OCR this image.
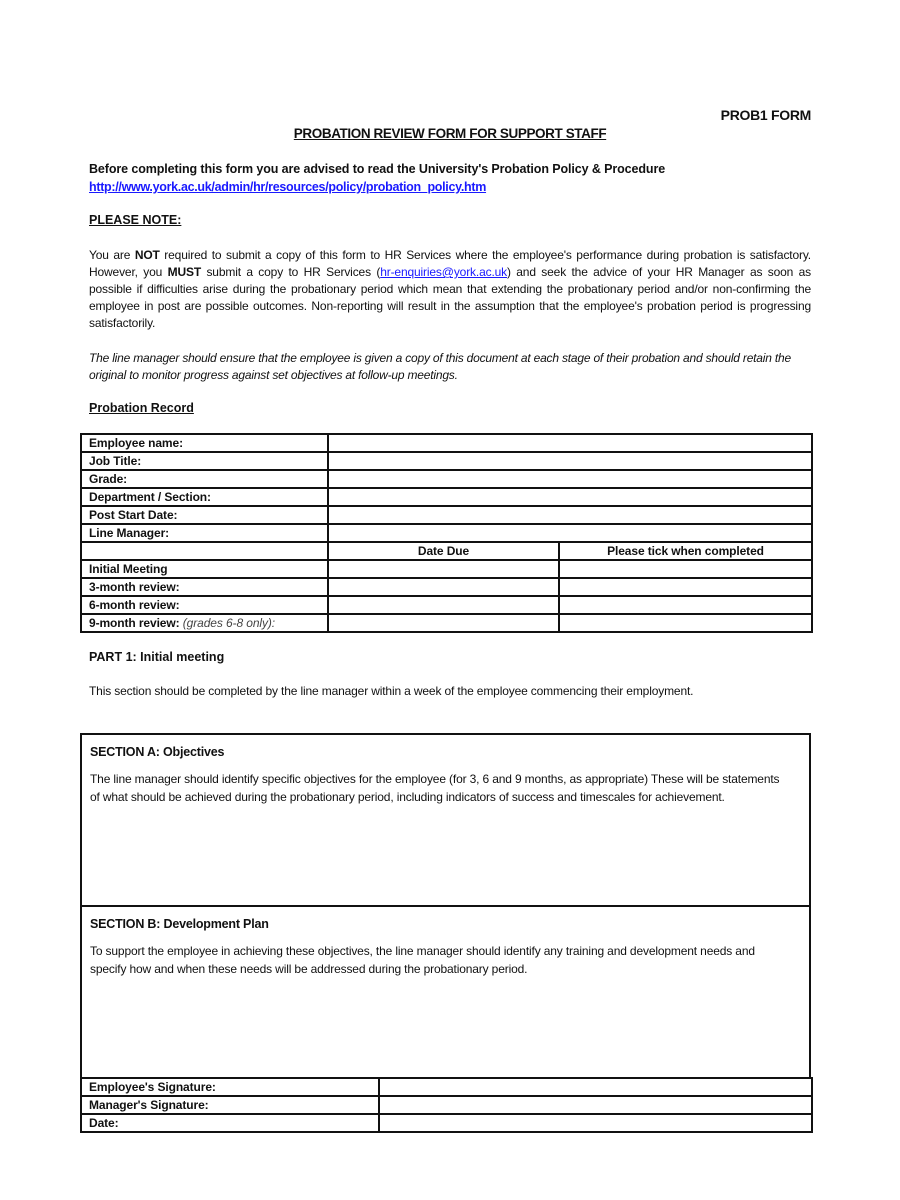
PROB1 FORM
PROBATION REVIEW FORM FOR SUPPORT STAFF
Before completing this form you are advised to read the University's Probation Policy & Procedure
http://www.york.ac.uk/admin/hr/resources/policy/probation_policy.htm
PLEASE NOTE:
You are NOT required to submit a copy of this form to HR Services where the employee's performance during probation is satisfactory. However, you MUST submit a copy to HR Services (hr-enquiries@york.ac.uk) and seek the advice of your HR Manager as soon as possible if difficulties arise during the probationary period which mean that extending the probationary period and/or non-confirming the employee in post are possible outcomes. Non-reporting will result in the assumption that the employee's probation period is progressing satisfactorily.
The line manager should ensure that the employee is given a copy of this document at each stage of their probation and should retain the original to monitor progress against set objectives at follow-up meetings.
Probation Record
Employee name:		
Job Title:		
Grade:		
Department / Section:		
Post Start Date:		
Line Manager:		
	Date Due	Please tick when completed
Initial Meeting		
3-month review:		
6-month review:		
9-month review: (grades 6-8 only):		
PART 1: Initial meeting
This section should be completed by the line manager within a week of the employee commencing their employment.
SECTION A: Objectives
The line manager should identify specific objectives for the employee (for 3, 6 and 9 months, as appropriate) These will be statements of what should be achieved during the probationary period, including indicators of success and timescales for achievement.
SECTION B: Development Plan
To support the employee in achieving these objectives, the line manager should identify any training and development needs and specify how and when these needs will be addressed during the probationary period.
Employee's Signature:	
Manager's Signature:	
Date:	
